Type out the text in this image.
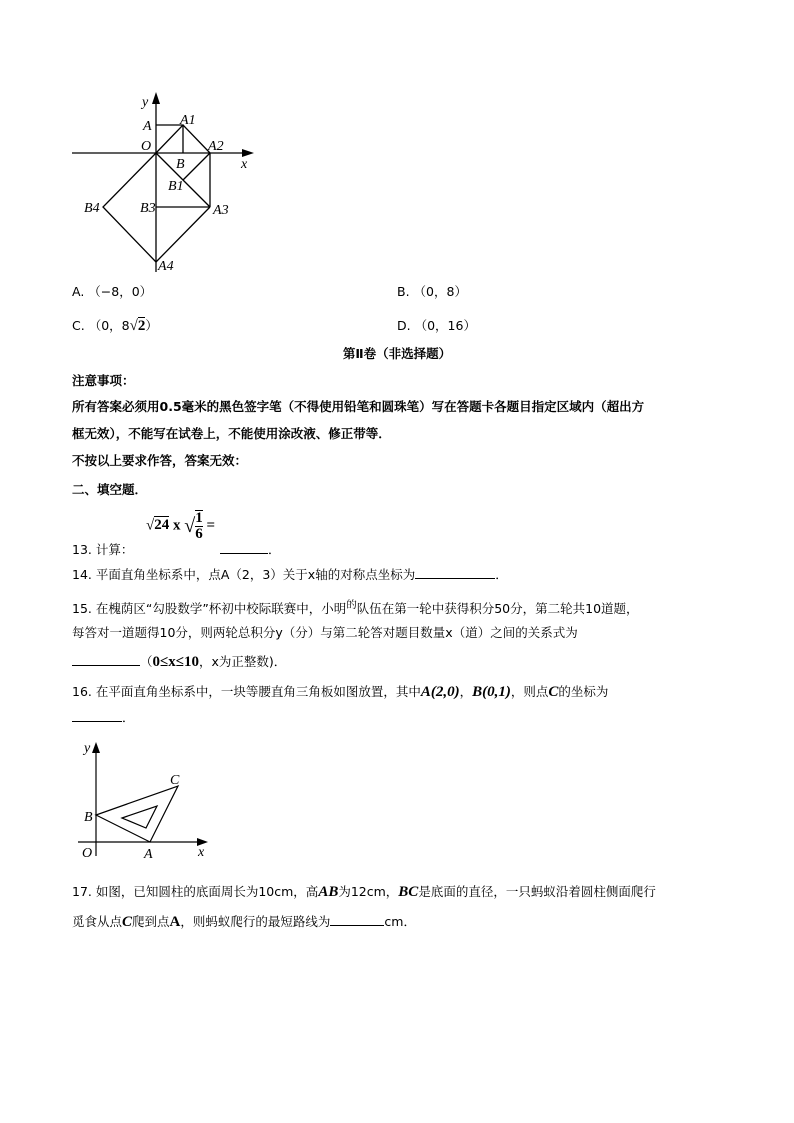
y
x
O
A A1
B
A2
B1
B3	A3
B4
A4
A. （−8，0）	B. （0，8）
C. （0，8√2）	D. （0，16）
第Ⅱ卷（非选择题）
注意事项：
所有答案必须用0.5毫米的黑色签字笔（不得使用铅笔和圆珠笔）写在答题卡各题目指定区域内（超出方
框无效），不能写在试卷上，不能使用涂改液、修正带等．
不按以上要求作答，答案无效：
二、填空题．
13. 计算：
√24 x $√\frac{1}{6}$ =
．
14. 平面直角坐标系中，点A（2，3）关于x轴的对称点坐标为	．
15. 在槐荫区“勾股数学”杯初中校际联赛中，小明$^的$队伍在第一轮中获得积分50分，第二轮共10道题，
每答对一道题得10分，则两轮总积分y（分）与第二轮答对题目数量x（道）之间的关系式为
（0≤x≤10，x为正整数)．
16. 在平面直角坐标系中，一块等腰直角三角板如图放置，其中A(2,0)，B(0,1)，则点C的坐标为
．
y
x
O	A
B
C
17. 如图，已知圆柱的底面周长为10cm，高AB为12cm，BC是底面的直径，一只蚂蚁沿着圆柱侧面爬行
觅食从点C爬到点A，则蚂蚁爬行的最短路线为	cm．
